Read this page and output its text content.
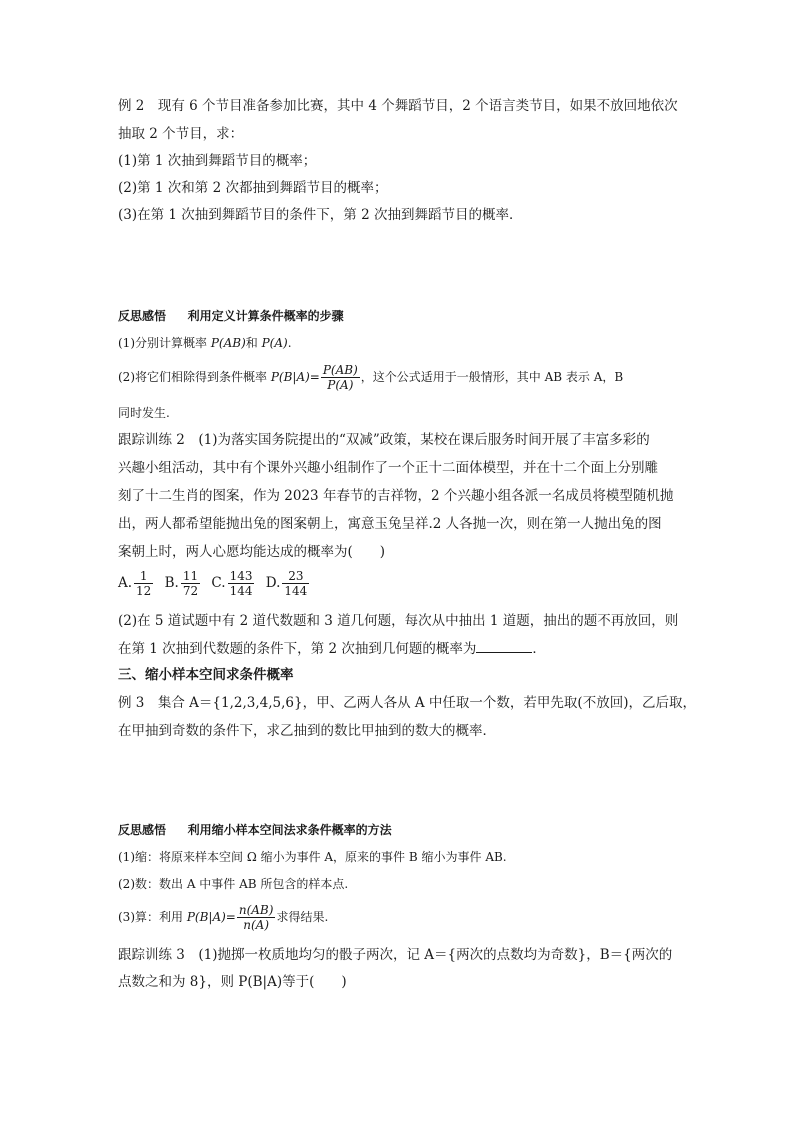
例 2　现有 6 个节目准备参加比赛，其中 4 个舞蹈节目，2 个语言类节目，如果不放回地依次
抽取 2 个节目，求：
(1)第 1 次抽到舞蹈节目的概率；
(2)第 1 次和第 2 次都抽到舞蹈节目的概率；
(3)在第 1 次抽到舞蹈节目的条件下，第 2 次抽到舞蹈节目的概率．
反思感悟 利用定义计算条件概率的步骤
(1)分别计算概率 P(AB)和 P(A).
(2)将它们相除得到条件概率 $P(B|A)= \frac{P(AB)}{P(A)}$ ，这个公式适用于一般情形，其中 AB 表示 A，B
同时发生.
跟踪训练 2　(1)为落实国务院提出的“双减”政策，某校在课后服务时间开展了丰富多彩的
兴趣小组活动，其中有个课外兴趣小组制作了一个正十二面体模型，并在十二个面上分别雕
刻了十二生肖的图案，作为 2023 年春节的吉祥物，2 个兴趣小组各派一名成员将模型随机抛
出，两人都希望能抛出兔的图案朝上，寓意玉兔呈祥.2 人各抛一次，则在第一人抛出兔的图
案朝上时，两人心愿均能达成的概率为(　　)
A. $\frac{1}{12} B$. $\frac{11}{72} C$. $\frac{143}{144} D$. $\frac{23}{144}$
(2)在 5 道试题中有 2 道代数题和 3 道几何题，每次从中抽出 1 道题，抽出的题不再放回，则
在第 1 次抽到代数题的条件下，第 2 次抽到几何题的概率为	．
三、缩小样本空间求条件概率
例 3　集合 A＝{1,2,3,4,5,6}，甲、乙两人各从 A 中任取一个数，若甲先取(不放回)，乙后取，
在甲抽到奇数的条件下，求乙抽到的数比甲抽到的数大的概率．
反思感悟 利用缩小样本空间法求条件概率的方法
(1)缩：将原来样本空间 Ω 缩小为事件 A，原来的事件 B 缩小为事件 AB.
(2)数：数出 A 中事件 AB 所包含的样本点.
(3)算：利用 $P(B|A)= \frac{n(AB)}{n(A)}$ 求得结果.
跟踪训练 3　(1)抛掷一枚质地均匀的骰子两次，记 A＝{两次的点数均为奇数}，B＝{两次的
点数之和为 8}，则 P(B|A)等于(　　)
